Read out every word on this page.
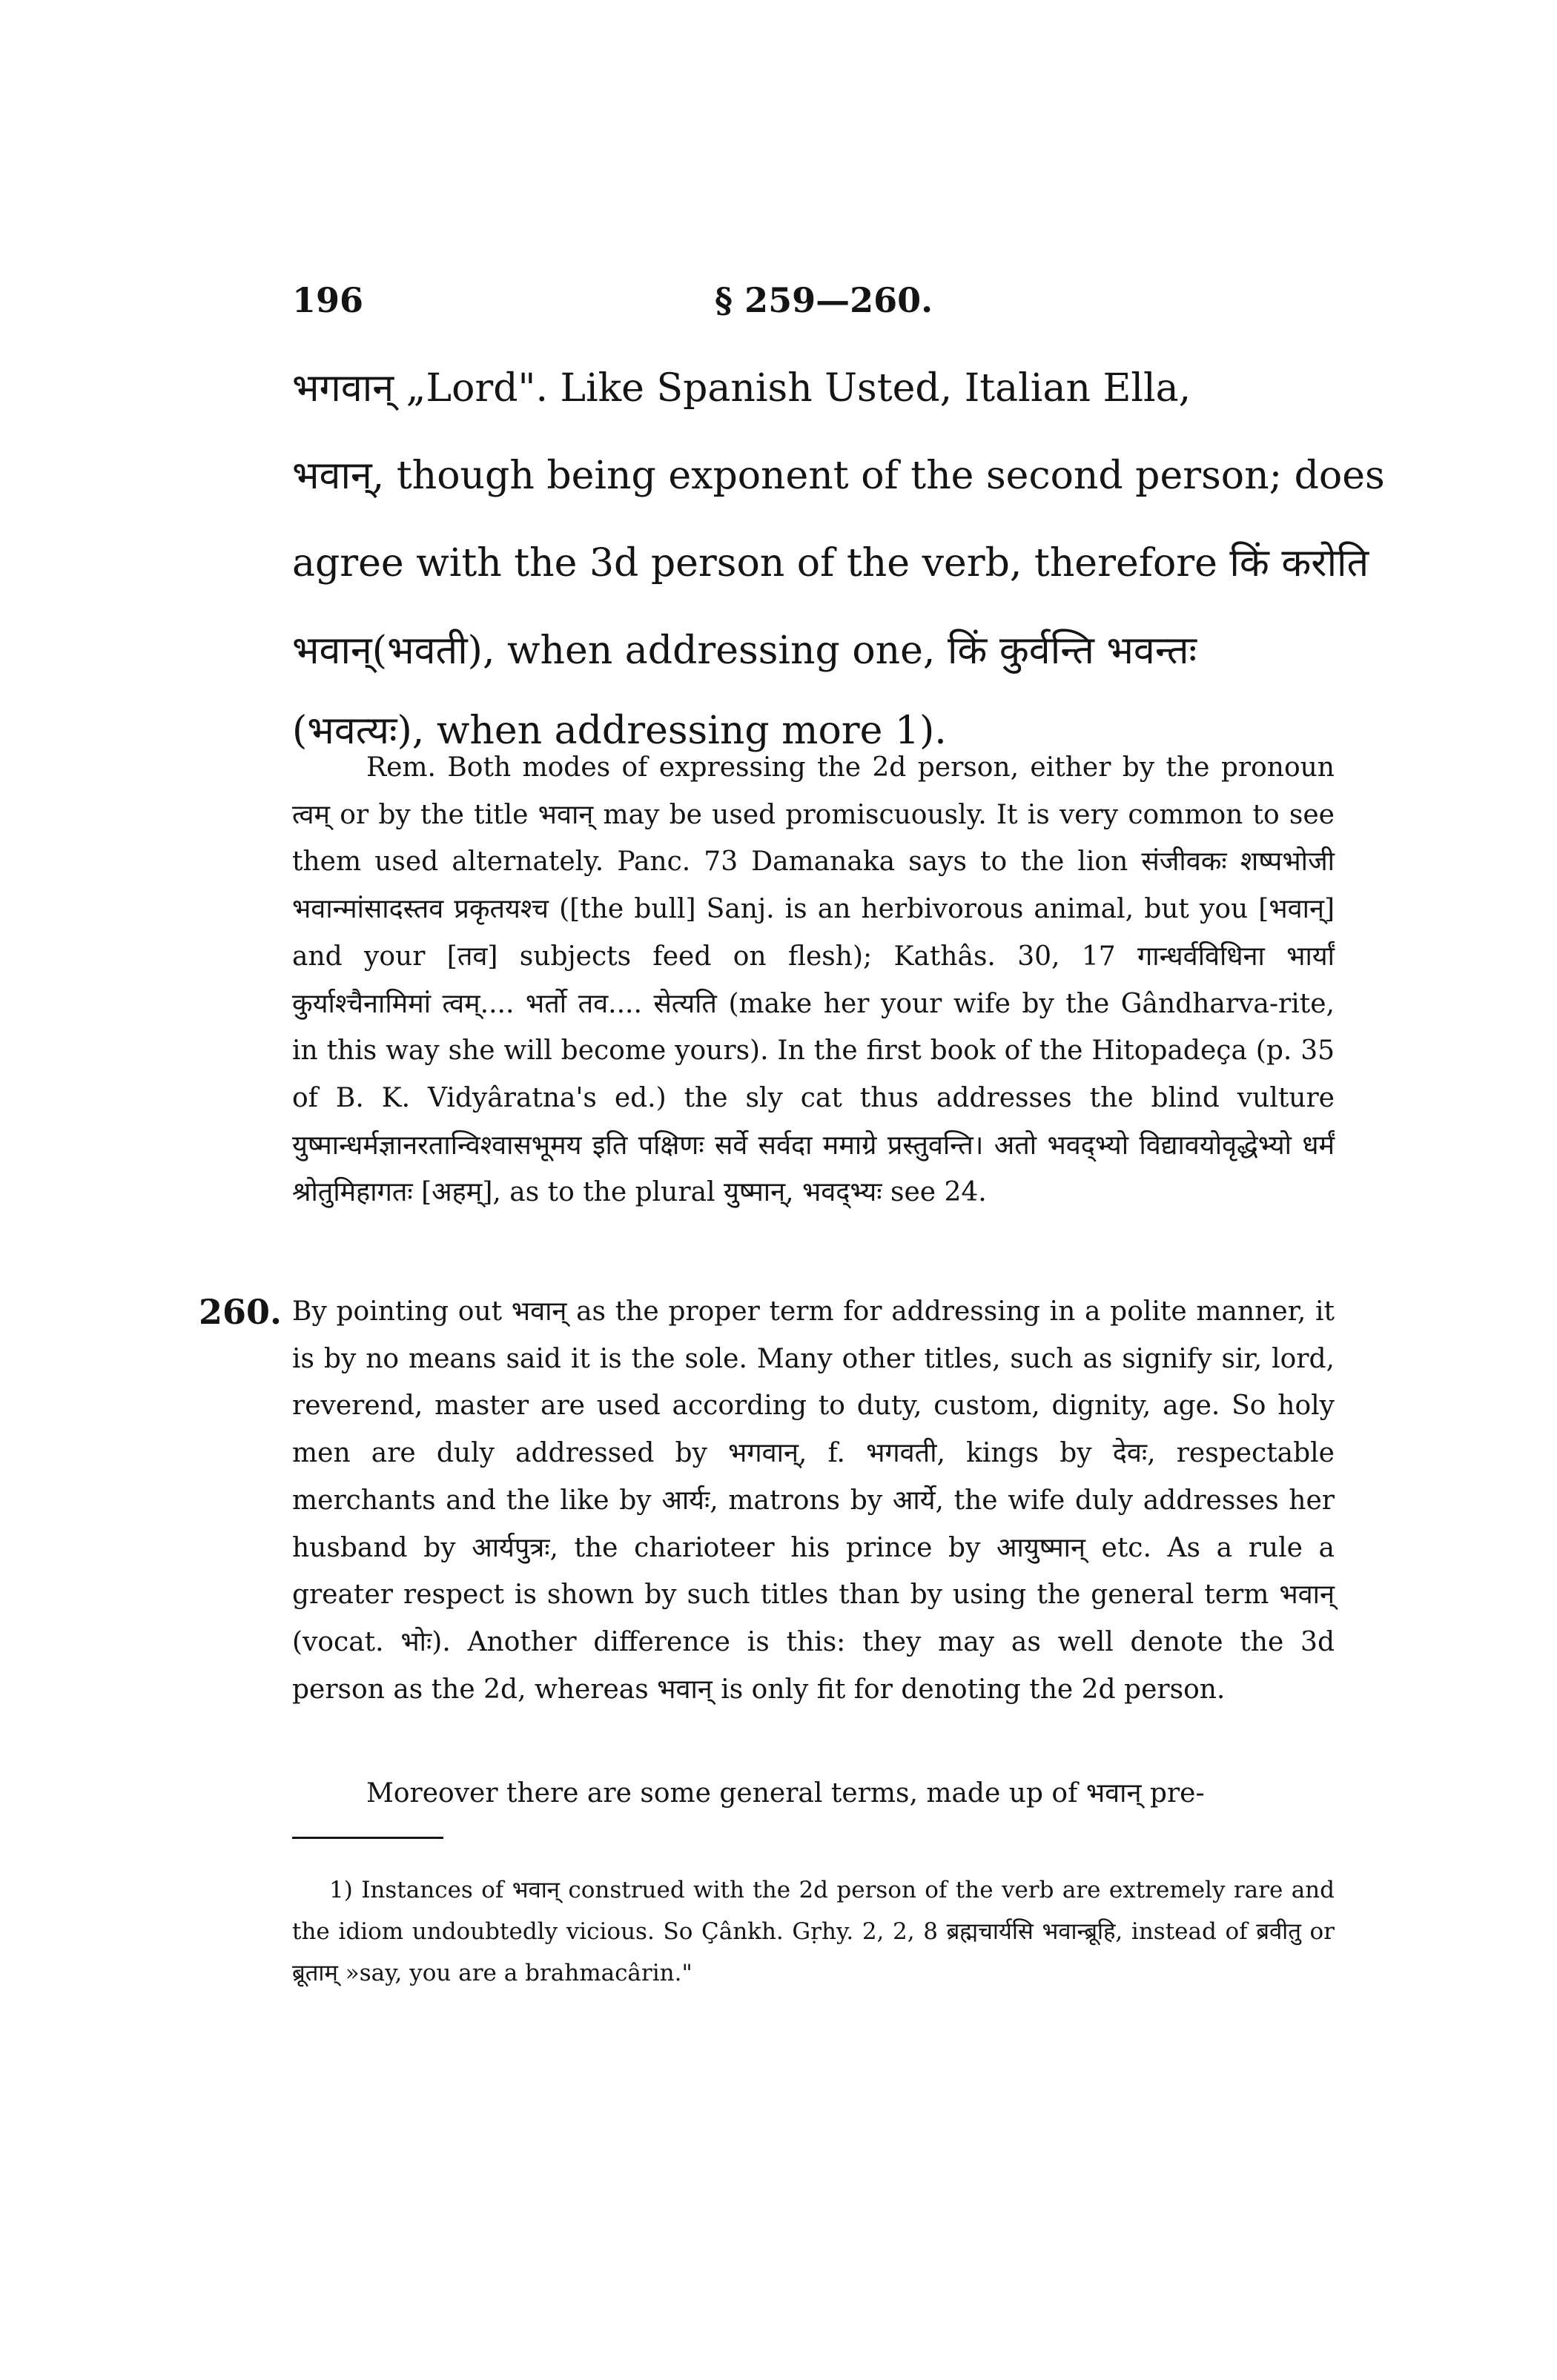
196	§ 259—260.
भगवान् „Lord". Like Spanish Usted, Italian Ella,
भवान्, though being exponent of the second person; does
agree with the 3d person of the verb, therefore किं करोति
भवान्(भवती), when addressing one, किं कुर्वन्ति भवन्तः
(भवत्यः), when addressing more 1).
Rem. Both modes of expressing the 2d person, either by the pronoun त्वम् or by the title भवान् may be used promiscuously. It is very common to see them used alternately. Panc. 73 Damanaka says to the lion संजीवकः शष्पभोजी भवान्मांसादस्तव प्रकृतयश्च ([the bull] Sanj. is an herbivorous animal, but you [भवान्] and your [तव] subjects feed on flesh); Kathâs. 30, 17 गान्धर्वविधिना भार्यां कुर्याश्चैनामिमां त्वम्.... भर्तो तव.... सेत्यति (make her your wife by the Gândharva-rite, in this way she will become yours). In the first book of the Hitopadeça (p. 35 of B. K. Vidyâratna's ed.) the sly cat thus addresses the blind vulture युष्मान्धर्मज्ञानरतान्विश्वासभूमय इति पक्षिणः सर्वे सर्वदा ममाग्रे प्रस्तुवन्ति। अतो भवद्भ्यो विद्यावयोवृद्धेभ्यो धर्मं श्रोतुमिहागतः [अहम्], as to the plural युष्मान्, भवद्भ्यः see 24.
260. By pointing out भवान् as the proper term for addressing in a polite manner, it is by no means said it is the sole. Many other titles, such as signify sir, lord, reverend, master are used according to duty, custom, dignity, age. So holy men are duly addressed by भगवान्, f. भगवती, kings by देवः, respectable merchants and the like by आर्यः, matrons by आर्ये, the wife duly addresses her husband by आर्यपुत्रः, the charioteer his prince by आयुष्मान् etc. As a rule a greater respect is shown by such titles than by using the general term भवान् (vocat. भोः). Another difference is this: they may as well denote the 3d person as the 2d, whereas भवान् is only fit for denoting the 2d person.
Moreover there are some general terms, made up of भवान् pre-
1) Instances of भवान् construed with the 2d person of the verb are extremely rare and the idiom undoubtedly vicious. So Çânkh. Gṛhy. 2, 2, 8 ब्रह्मचार्यसि भवान्ब्रूहि, instead of ब्रवीतु or ब्रूताम् »say, you are a brahmacârin."
